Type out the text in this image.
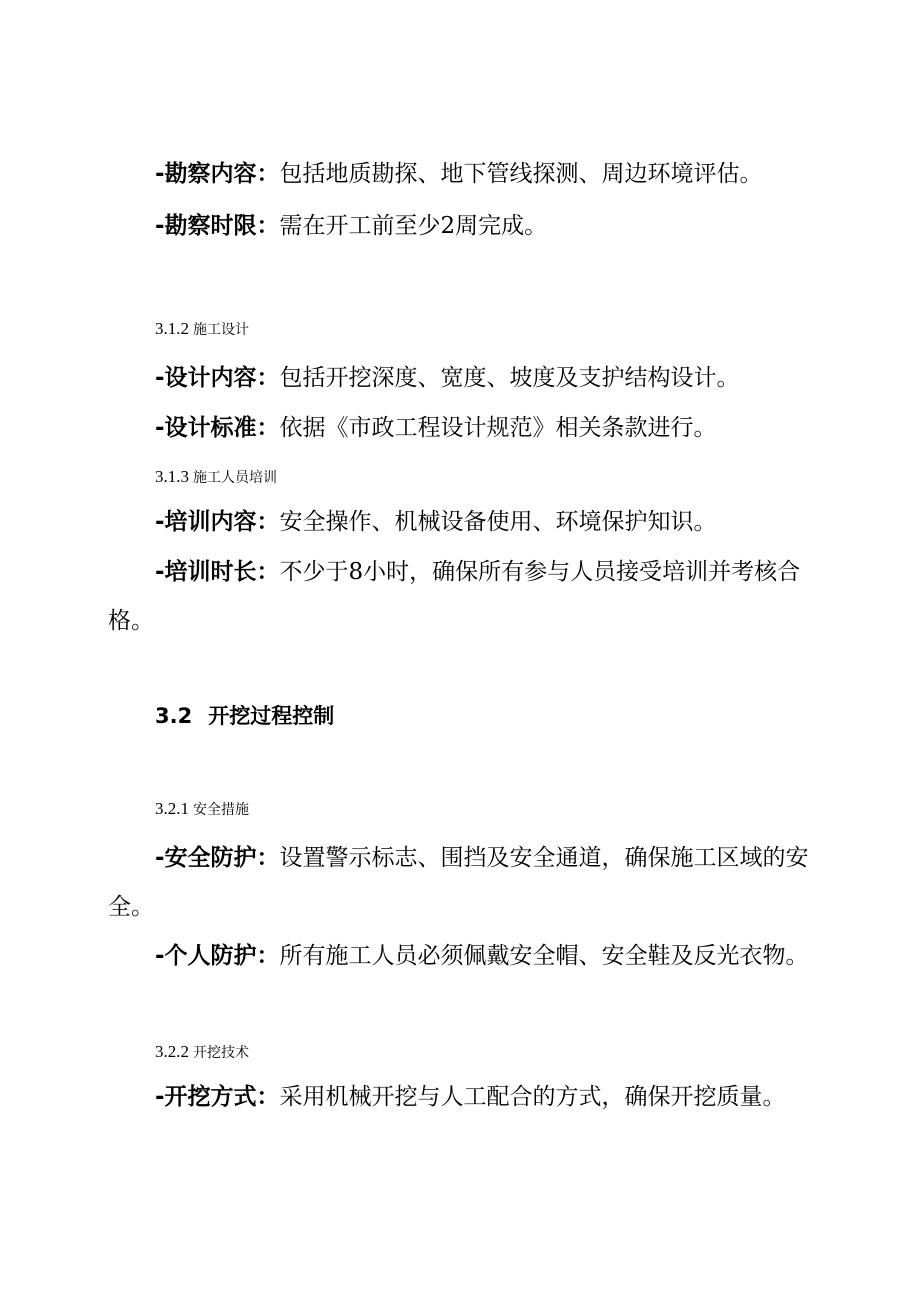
-勘察内容：包括地质勘探、地下管线探测、周边环境评估。
-勘察时限：需在开工前至少2周完成。
3.1.2 施工设计
-设计内容：包括开挖深度、宽度、坡度及支护结构设计。
-设计标准：依据《市政工程设计规范》相关条款进行。
3.1.3 施工人员培训
-培训内容：安全操作、机械设备使用、环境保护知识。
-培训时长：不少于8小时，确保所有参与人员接受培训并考核合
格。
3.2 开挖过程控制
3.2.1 安全措施
-安全防护：设置警示标志、围挡及安全通道，确保施工区域的安
全。
-个人防护：所有施工人员必须佩戴安全帽、安全鞋及反光衣物。
3.2.2 开挖技术
-开挖方式：采用机械开挖与人工配合的方式，确保开挖质量。
